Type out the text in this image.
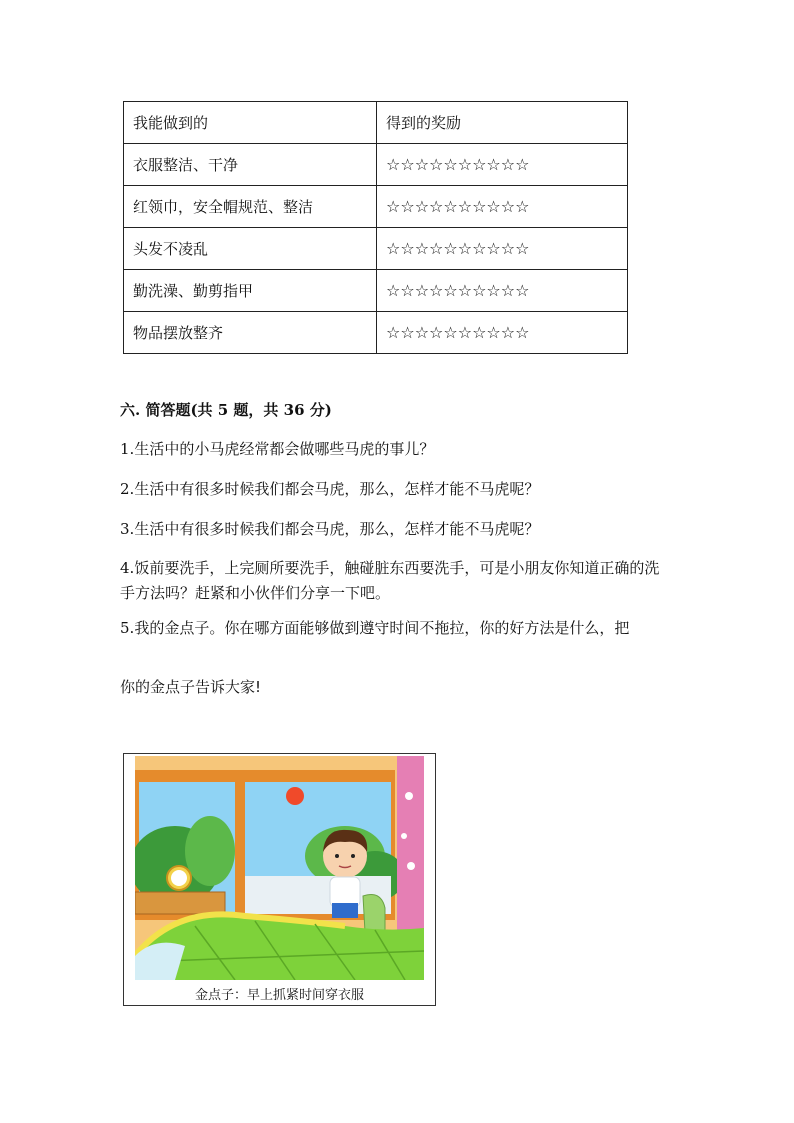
我能做到的	得到的奖励
衣服整洁、干净	☆☆☆☆☆☆☆☆☆☆
红领巾，安全帽规范、整洁	☆☆☆☆☆☆☆☆☆☆
头发不凌乱	☆☆☆☆☆☆☆☆☆☆
勤洗澡、勤剪指甲	☆☆☆☆☆☆☆☆☆☆
物品摆放整齐	☆☆☆☆☆☆☆☆☆☆
六. 简答题(共 5 题，共 36 分)
1.生活中的小马虎经常都会做哪些马虎的事儿？
2.生活中有很多时候我们都会马虎，那么，怎样才能不马虎呢？
3.生活中有很多时候我们都会马虎，那么，怎样才能不马虎呢？
4.饭前要洗手，上完厕所要洗手，触碰脏东西要洗手，可是小朋友你知道正确的洗手方法吗？赶紧和小伙伴们分享一下吧。
5.我的金点子。你在哪方面能够做到遵守时间不拖拉，你的好方法是什么，把
你的金点子告诉大家!
金点子：早上抓紧时间穿衣服
